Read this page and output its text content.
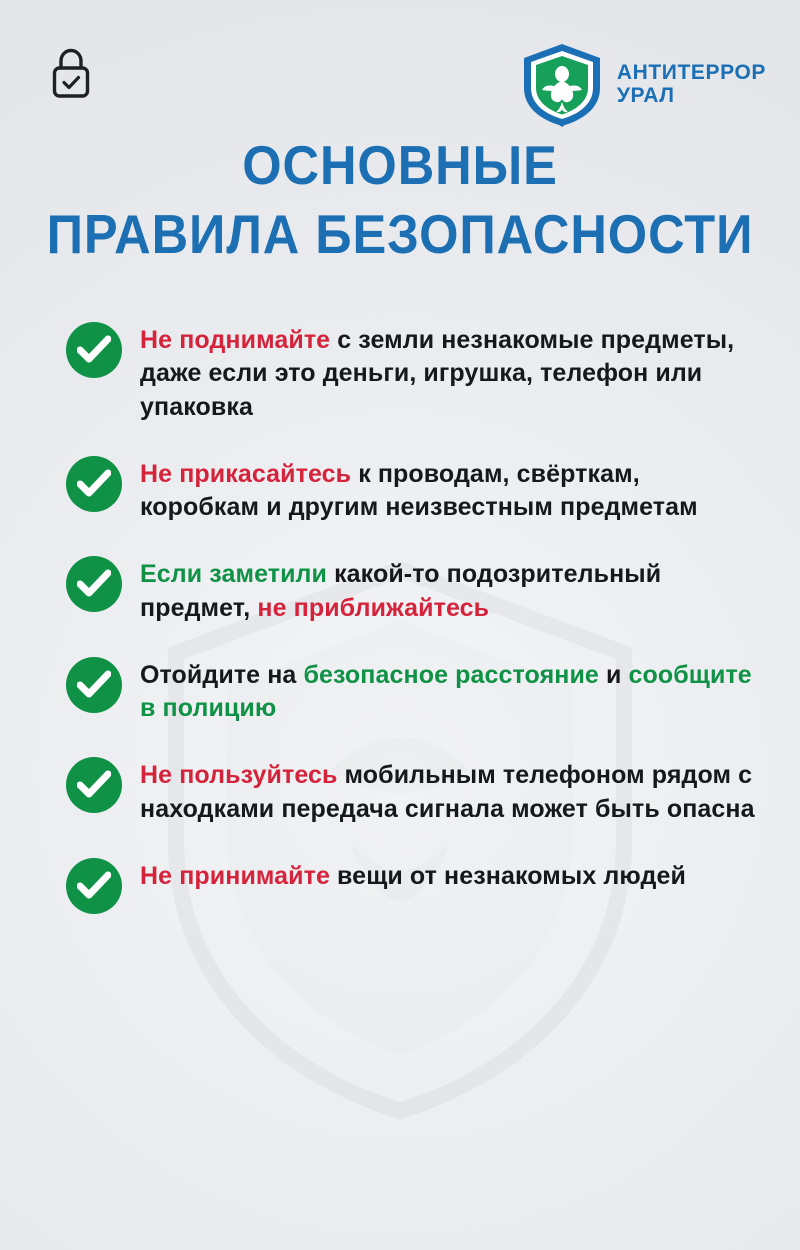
АНТИТЕРРОР
УРАЛ
ОСНОВНЫЕ
ПРАВИЛА БЕЗОПАСНОСТИ
Не поднимайте с земли незнакомые предметы, даже если это деньги, игрушка, телефон или упаковка
Не прикасайтесь к проводам, свёрткам, коробкам и другим неизвестным предметам
Если заметили какой-то подозрительный предмет, не приближайтесь
Отойдите на безопасное расстояние и сообщите в полицию
Не пользуйтесь мобильным телефоном рядом с находками передача сигнала может быть опасна
Не принимайте вещи от незнакомых людей
